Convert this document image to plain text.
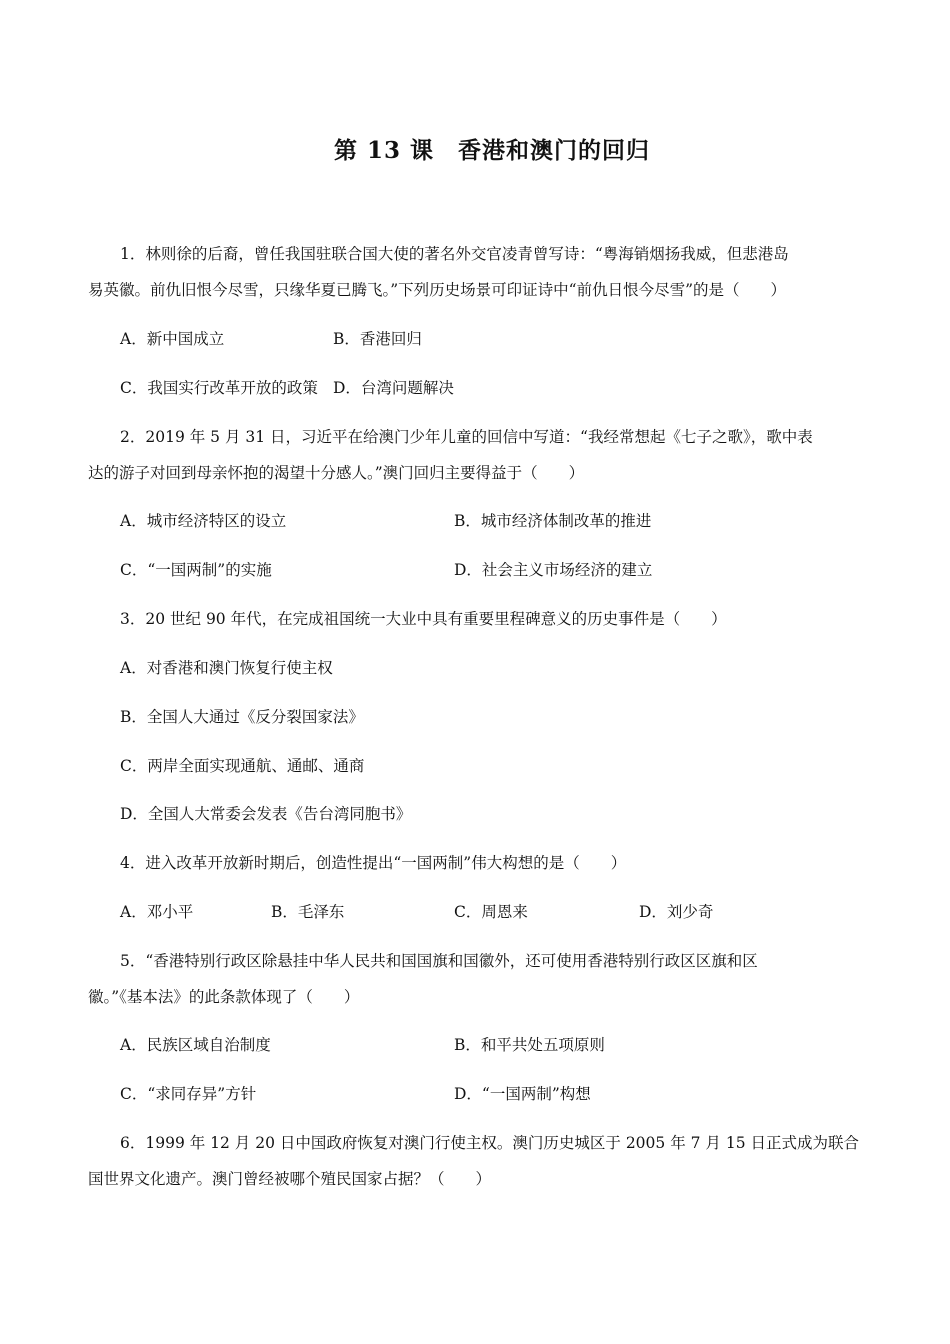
第 13 课　香港和澳门的回归
1．林则徐的后裔，曾任我国驻联合国大使的著名外交官凌青曾写诗：“粤海销烟扬我威，但悲港岛
易英徽。前仇旧恨今尽雪，只缘华夏已腾飞。”下列历史场景可印证诗中“前仇日恨今尽雪”的是（　　）
A．新中国成立	B．香港回归
C．我国实行改革开放的政策 D．台湾问题解决
2．2019 年 5 月 31 日，习近平在给澳门少年儿童的回信中写道：“我经常想起《七子之歌》，歌中表
达的游子对回到母亲怀抱的渴望十分感人。”澳门回归主要得益于（　　）
A．城市经济特区的设立	B．城市经济体制改革的推进
C．“一国两制”的实施	D．社会主义市场经济的建立
3．20 世纪 90 年代，在完成祖国统一大业中具有重要里程碑意义的历史事件是（　　）
A．对香港和澳门恢复行使主权
B．全国人大通过《反分裂国家法》
C．两岸全面实现通航、通邮、通商
D．全国人大常委会发表《告台湾同胞书》
4．进入改革开放新时期后，创造性提出“一国两制”伟大构想的是（　　）
A．邓小平	B．毛泽东	C．周恩来	D．刘少奇
5．“香港特别行政区除悬挂中华人民共和国国旗和国徽外，还可使用香港特别行政区区旗和区
徽。”《基本法》的此条款体现了（　　）
A．民族区域自治制度	B．和平共处五项原则
C．“求同存异”方针	D．“一国两制”构想
6．1999 年 12 月 20 日中国政府恢复对澳门行使主权。澳门历史城区于 2005 年 7 月 15 日正式成为联合
国世界文化遗产。澳门曾经被哪个殖民国家占据？（　　）
